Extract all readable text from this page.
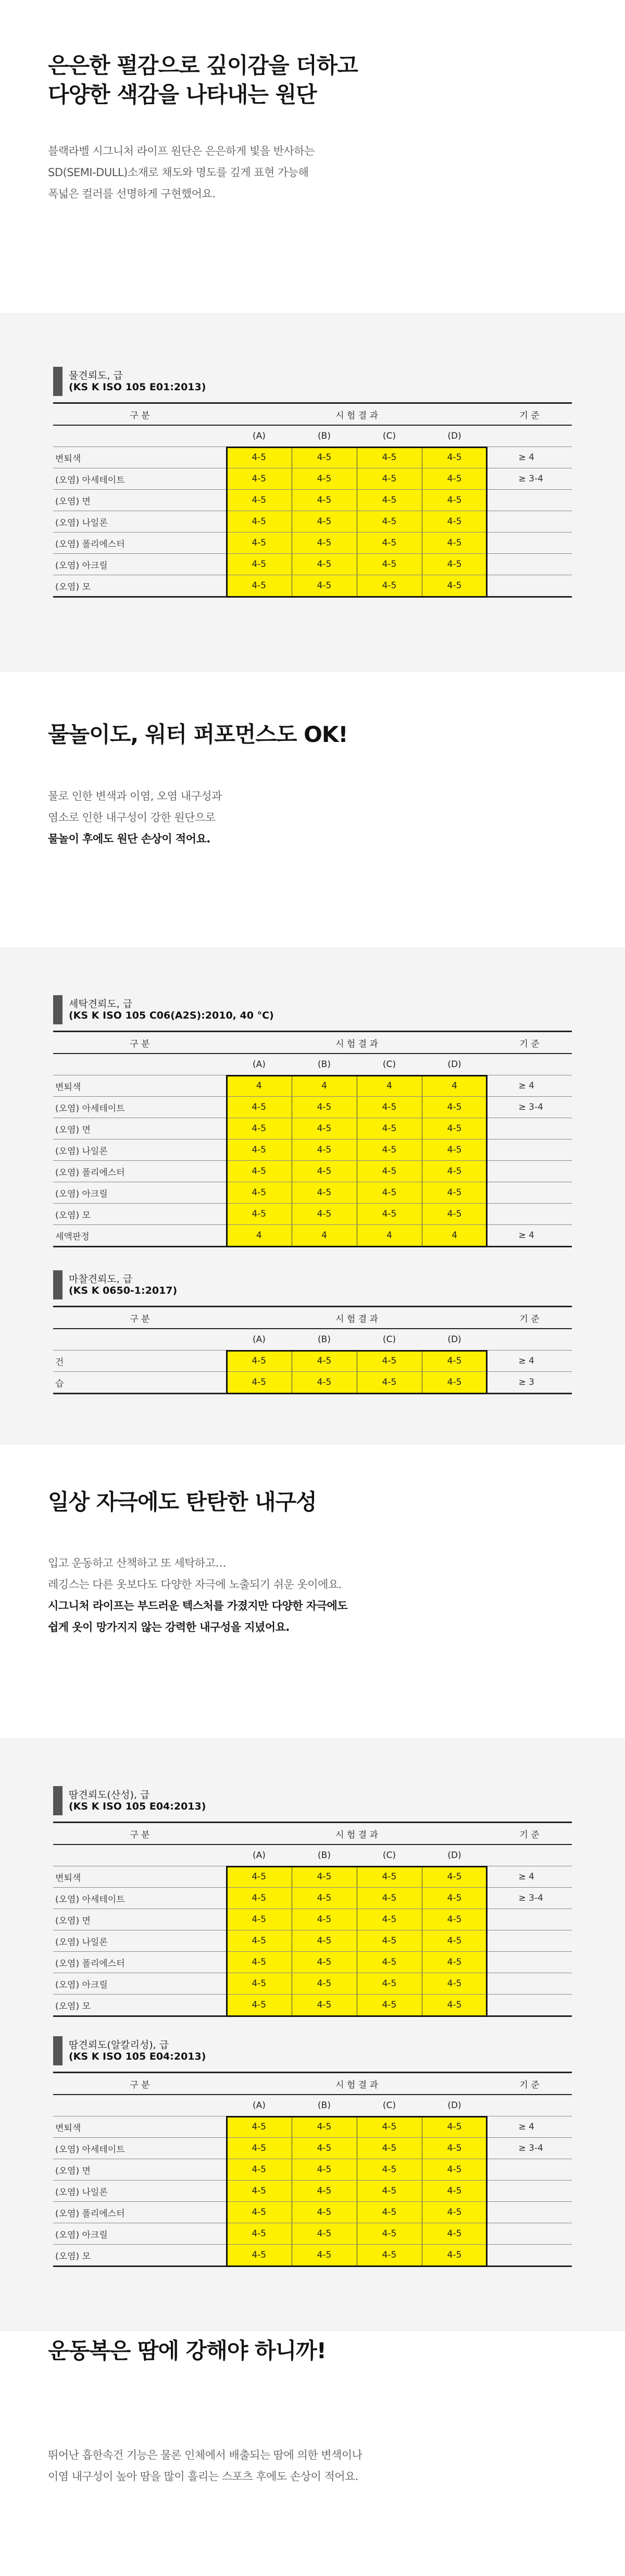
은은한 펄감으로 깊이감을 더하고
다양한 색감을 나타내는 원단
블랙라벨 시그니처 라이프 원단은 은은하게 빛을 반사하는
SD(SEMI-DULL)소재로 채도와 명도를 깊게 표현 가능해
폭넓은 컬러를 선명하게 구현했어요.
물견뢰도, 급
(KS K ISO 105 E01:2013)
구 분	시 험 결 과				기 준
	(A)	(B)	(C)	(D)	
변퇴색	4-5	4-5	4-5	4-5	≥ 4
(오염) 아세테이트	4-5	4-5	4-5	4-5	≥ 3-4
(오염) 면	4-5	4-5	4-5	4-5	
(오염) 나일론	4-5	4-5	4-5	4-5	
(오염) 폴리에스터	4-5	4-5	4-5	4-5	
(오염) 아크릴	4-5	4-5	4-5	4-5	
(오염) 모	4-5	4-5	4-5	4-5	
물놀이도, 워터 퍼포먼스도 OK!
물로 인한 변색과 이염, 오염 내구성과
염소로 인한 내구성이 강한 원단으로
물놀이 후에도 원단 손상이 적어요.
세탁견뢰도, 급
(KS K ISO 105 C06(A2S):2010, 40 °C)
구 분	시 험 결 과				기 준
	(A)	(B)	(C)	(D)	
변퇴색	4	4	4	4	≥ 4
(오염) 아세테이트	4-5	4-5	4-5	4-5	≥ 3-4
(오염) 면	4-5	4-5	4-5	4-5	
(오염) 나일론	4-5	4-5	4-5	4-5	
(오염) 폴리에스터	4-5	4-5	4-5	4-5	
(오염) 아크릴	4-5	4-5	4-5	4-5	
(오염) 모	4-5	4-5	4-5	4-5	
세액판정	4	4	4	4	≥ 4
마찰견뢰도, 급
(KS K 0650-1:2017)
구 분	시 험 결 과				기 준
	(A)	(B)	(C)	(D)	
건	4-5	4-5	4-5	4-5	≥ 4
습	4-5	4-5	4-5	4-5	≥ 3
일상 자극에도 탄탄한 내구성
입고 운동하고 산책하고 또 세탁하고…
레깅스는 다른 옷보다도 다양한 자극에 노출되기 쉬운 옷이에요.
시그니처 라이프는 부드러운 텍스처를 가졌지만 다양한 자극에도
쉽게 옷이 망가지지 않는 강력한 내구성을 지녔어요.
땀견뢰도(산성), 급
(KS K ISO 105 E04:2013)
구 분	시 험 결 과				기 준
	(A)	(B)	(C)	(D)	
변퇴색	4-5	4-5	4-5	4-5	≥ 4
(오염) 아세테이트	4-5	4-5	4-5	4-5	≥ 3-4
(오염) 면	4-5	4-5	4-5	4-5	
(오염) 나일론	4-5	4-5	4-5	4-5	
(오염) 폴리에스터	4-5	4-5	4-5	4-5	
(오염) 아크릴	4-5	4-5	4-5	4-5	
(오염) 모	4-5	4-5	4-5	4-5	
땀견뢰도(알칼리성), 급
(KS K ISO 105 E04:2013)
구 분	시 험 결 과				기 준
	(A)	(B)	(C)	(D)	
변퇴색	4-5	4-5	4-5	4-5	≥ 4
(오염) 아세테이트	4-5	4-5	4-5	4-5	≥ 3-4
(오염) 면	4-5	4-5	4-5	4-5	
(오염) 나일론	4-5	4-5	4-5	4-5	
(오염) 폴리에스터	4-5	4-5	4-5	4-5	
(오염) 아크릴	4-5	4-5	4-5	4-5	
(오염) 모	4-5	4-5	4-5	4-5	
운동복은 땀에 강해야 하니까!
뛰어난 흡한속건 기능은 물론 인체에서 배출되는 땀에 의한 변색이나
이염 내구성이 높아 땀을 많이 흘리는 스포츠 후에도 손상이 적어요.
